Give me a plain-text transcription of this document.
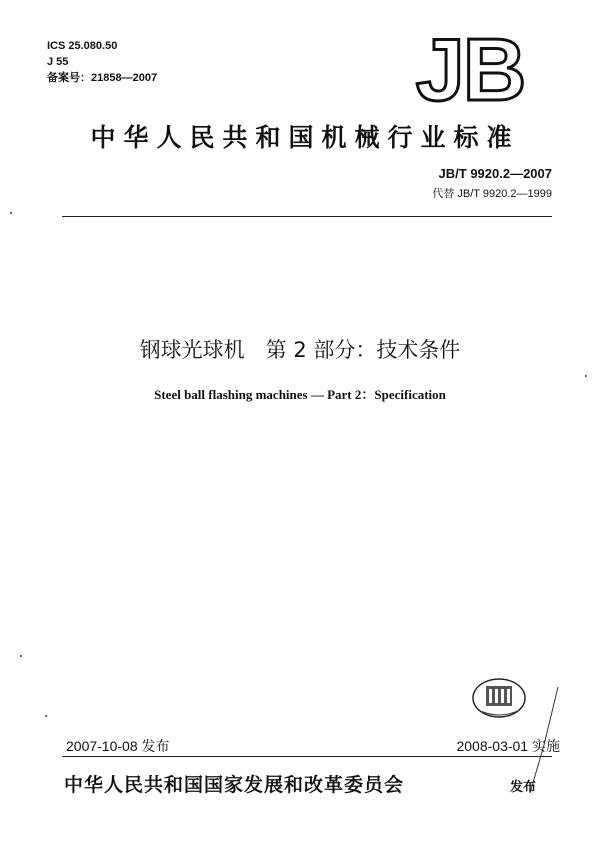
ICS 25.080.50
J 55
备案号：21858—2007	JB
中华人民共和国机械行业标准
JB/T 9920.2—2007
代替 JB/T 9920.2—1999
钢球光球机　第 2 部分：技术条件
Steel ball flashing machines — Part 2：Specification
2007-10-08 发布	2008-03-01 实施
中华人民共和国国家发展和改革委员会	发布
